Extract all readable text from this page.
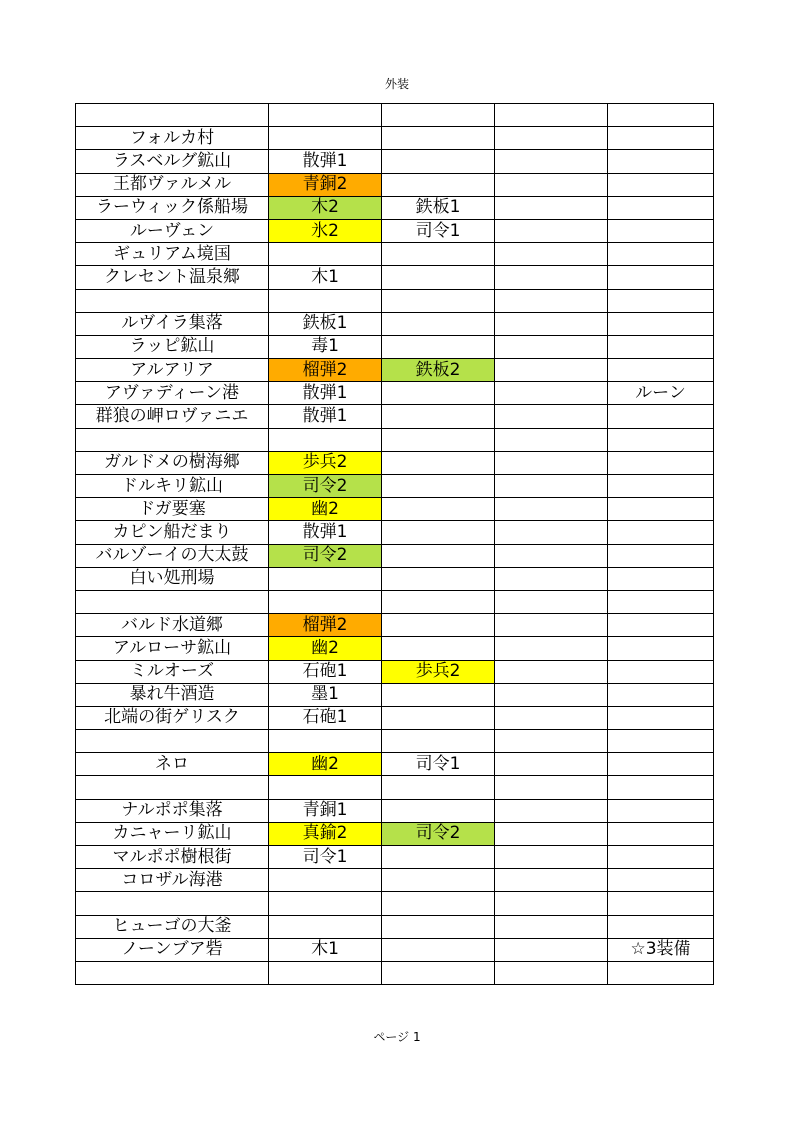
外装

フォルカ村				
ラスベルグ鉱山	散弾1			
王都ヴァルメル	青銅2			
ラーウィック係船場	木2	鉄板1		
ルーヴェン	氷2	司令1		
ギュリアム境国				
クレセント温泉郷	木1			

ルヴイラ集落	鉄板1			
ラッピ鉱山	毒1			
アルアリア	榴弾2	鉄板2		
アヴァディーン港	散弾1			ルーン
群狼の岬ロヴァニエ	散弾1			

ガルドメの樹海郷	歩兵2			
ドルキリ鉱山	司令2			
ドガ要塞	幽2			
カピン船だまり	散弾1			
バルゾーイの大太鼓	司令2			
白い処刑場				

バルド水道郷	榴弾2			
アルローサ鉱山	幽2			
ミルオーズ	石砲1	歩兵2		
暴れ牛酒造	墨1			
北端の街ゲリスク	石砲1			

ネロ	幽2	司令1		

ナルポポ集落	青銅1			
カニャーリ鉱山	真鍮2	司令2		
マルポポ樹根街	司令1			
コロザル海港				

ヒューゴの大釜				
ノーンブア砦	木1			☆3装備

ページ 1
